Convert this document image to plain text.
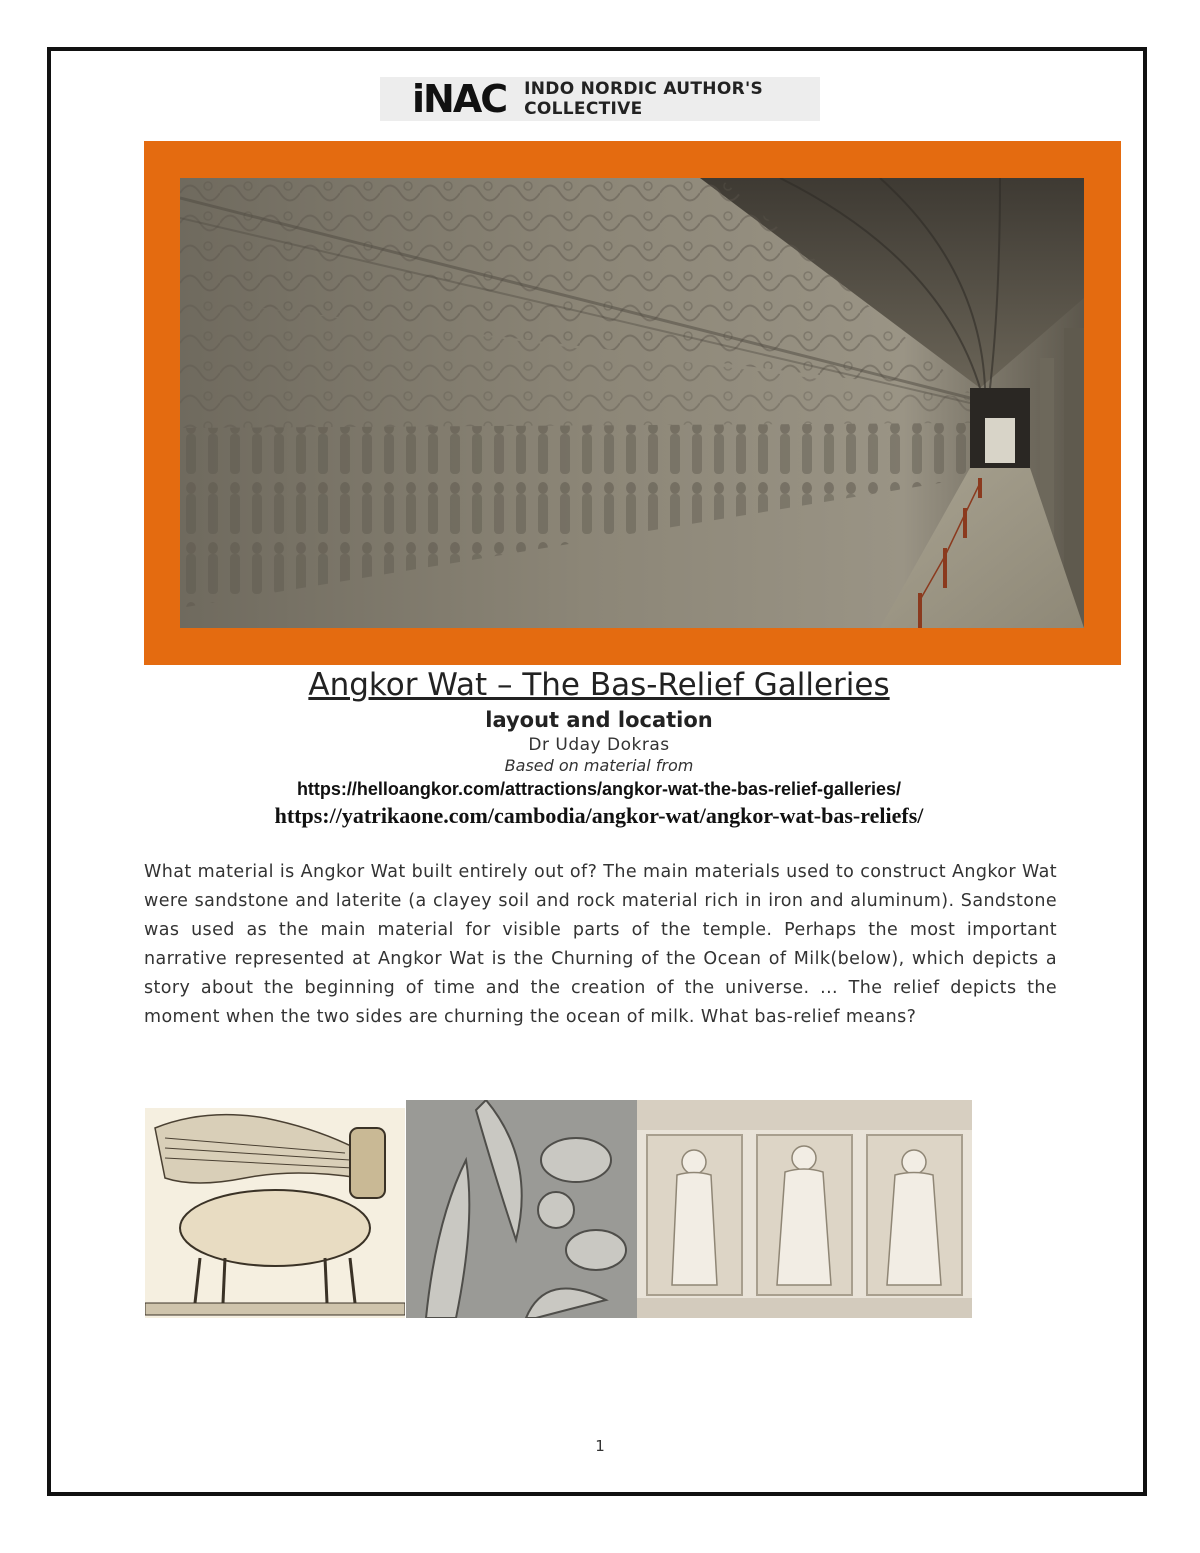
iNAC INDO NORDIC AUTHOR'S COLLECTIVE
Angkor Wat – The Bas-Relief Galleries
layout and location
Dr Uday Dokras
Based on material from
https://helloangkor.com/attractions/angkor-wat-the-bas-relief-galleries/
https://yatrikaone.com/cambodia/angkor-wat/angkor-wat-bas-reliefs/
What material is Angkor Wat built entirely out of? The main materials used to construct Angkor Wat were sandstone and laterite (a clayey soil and rock material rich in iron and aluminum). Sandstone was used as the main material for visible parts of the temple. Perhaps the most important narrative represented at Angkor Wat is the Churning of the Ocean of Milk(below), which depicts a story about the beginning of time and the creation of the universe. ... The relief depicts the moment when the two sides are churning the ocean of milk. What bas-relief means?
1
